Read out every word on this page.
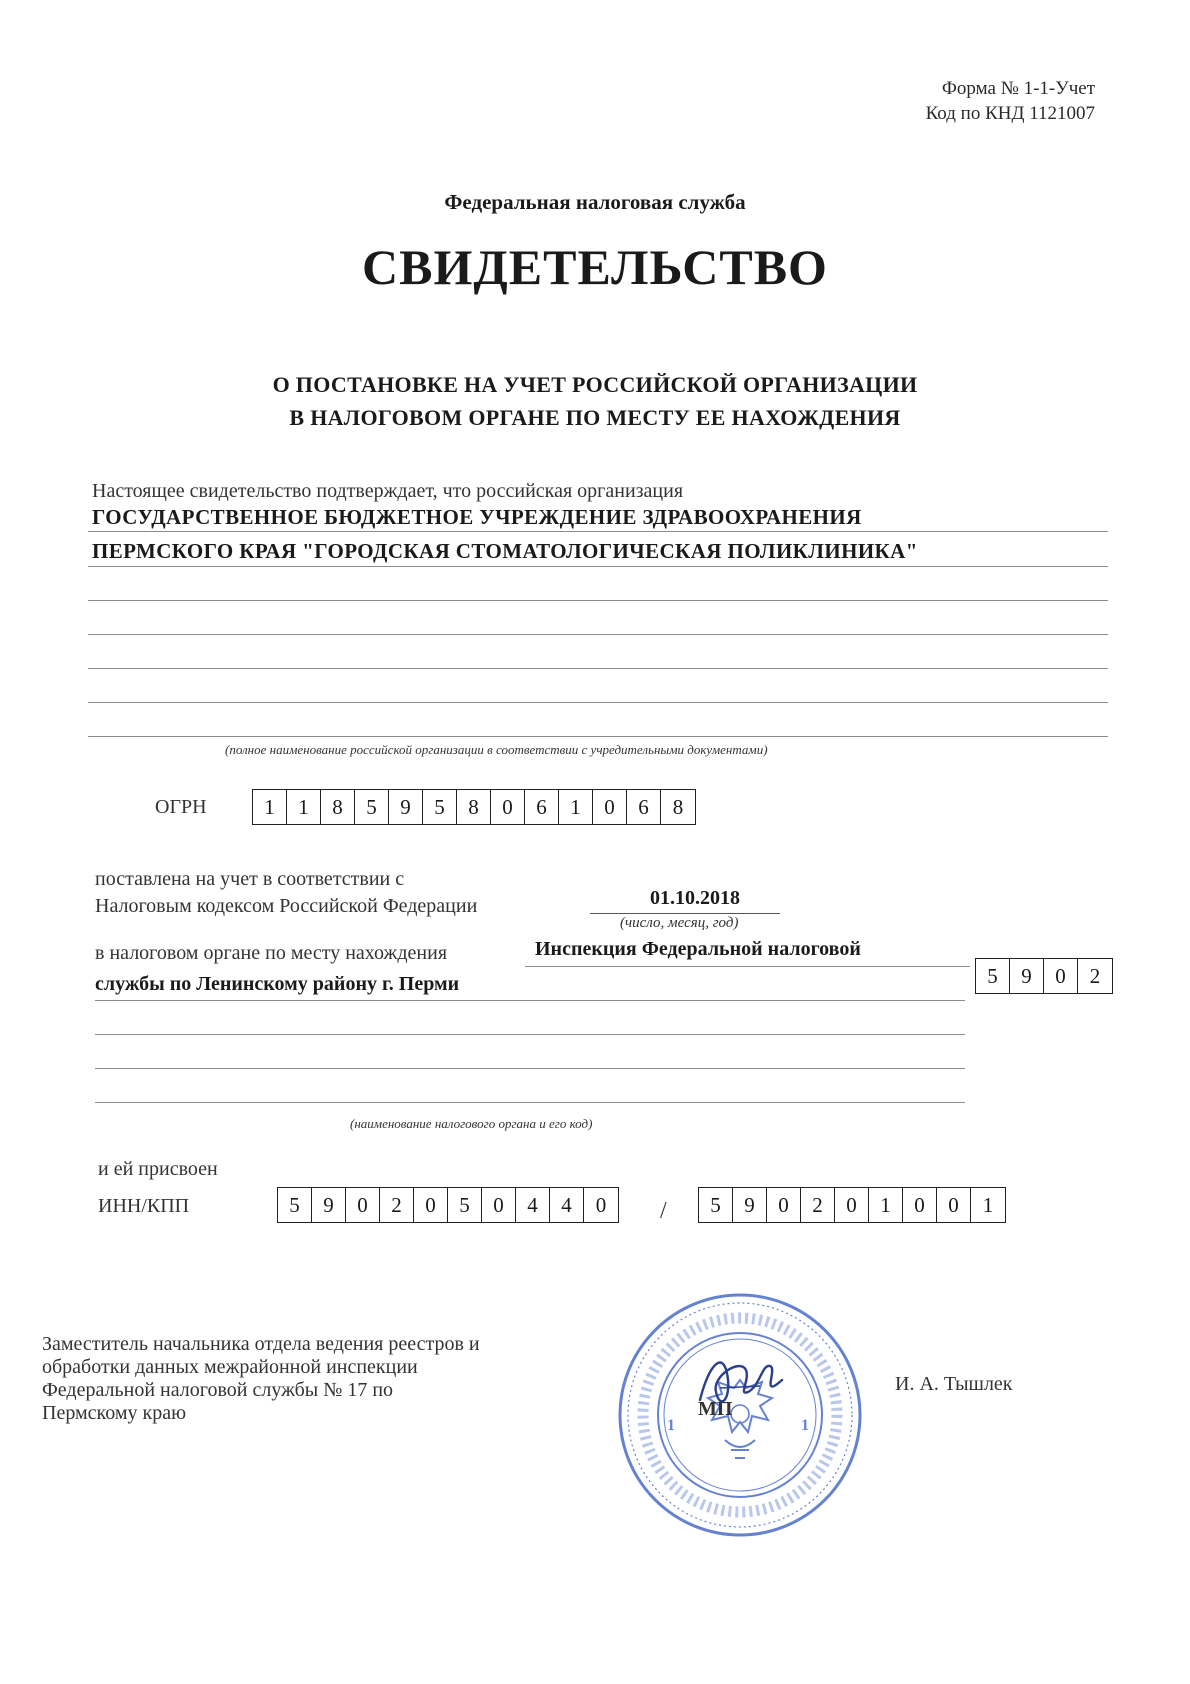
Форма № 1-1-Учет
Код по КНД 1121007
Федеральная налоговая служба
СВИДЕТЕЛЬСТВО
О ПОСТАНОВКЕ НА УЧЕТ РОССИЙСКОЙ ОРГАНИЗАЦИИ
В НАЛОГОВОМ ОРГАНЕ ПО МЕСТУ ЕЕ НАХОЖДЕНИЯ
Настоящее свидетельство подтверждает, что российская организация
ГОСУДАРСТВЕННОЕ БЮДЖЕТНОЕ УЧРЕЖДЕНИЕ ЗДРАВООХРАНЕНИЯ
ПЕРМСКОГО КРАЯ "ГОРОДСКАЯ СТОМАТОЛОГИЧЕСКАЯ ПОЛИКЛИНИКА"
(полное наименование российской организации в соответствии с учредительными документами)
ОГРН	1	1	8	5	9	5	8	0	6	1	0	6	8
поставлена на учет в соответствии с
Налоговым кодексом Российской Федерации	01.10.2018
(число, месяц, год)
в налоговом органе по месту нахождения	Инспекция Федеральной налоговой
службы по Ленинскому району г. Перми	5	9	0	2
(наименование налогового органа и его код)
и ей присвоен
ИНН/КПП	5	9	0	2	0	5	0	4	4	0	/	5	9	0	2	0	1	0	0	1
Заместитель начальника отдела ведения реестров и
обработки данных межрайонной инспекции
Федеральной налоговой службы № 17 по
Пермскому краю
И. А. Тышлек
1	1
МП
